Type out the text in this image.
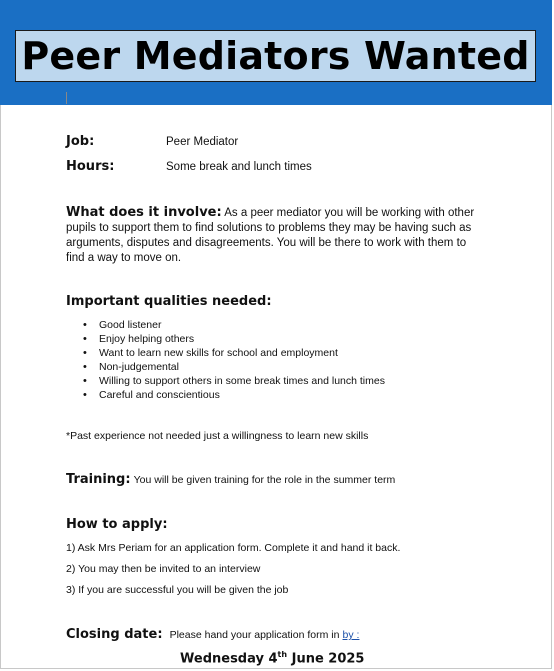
Peer Mediators Wanted
Job:	Peer Mediator
Hours:	Some break and lunch times
What does it involve: As a peer mediator you will be working with other pupils to support them to find solutions to problems they may be having such as arguments, disputes and disagreements. You will be there to work with them to find a way to move on.
Important qualities needed:
• Good listener
• Enjoy helping others
• Want to learn new skills for school and employment
• Non-judgemental
• Willing to support others in some break times and lunch times
• Careful and conscientious
*Past experience not needed just a willingness to learn new skills
Training: You will be given training for the role in the summer term
How to apply:
1) Ask Mrs Periam for an application form. Complete it and hand it back.
2) You may then be invited to an interview
3) If you are successful you will be given the job
Closing date: Please hand your application form in by :
Wednesday 4th June 2025
